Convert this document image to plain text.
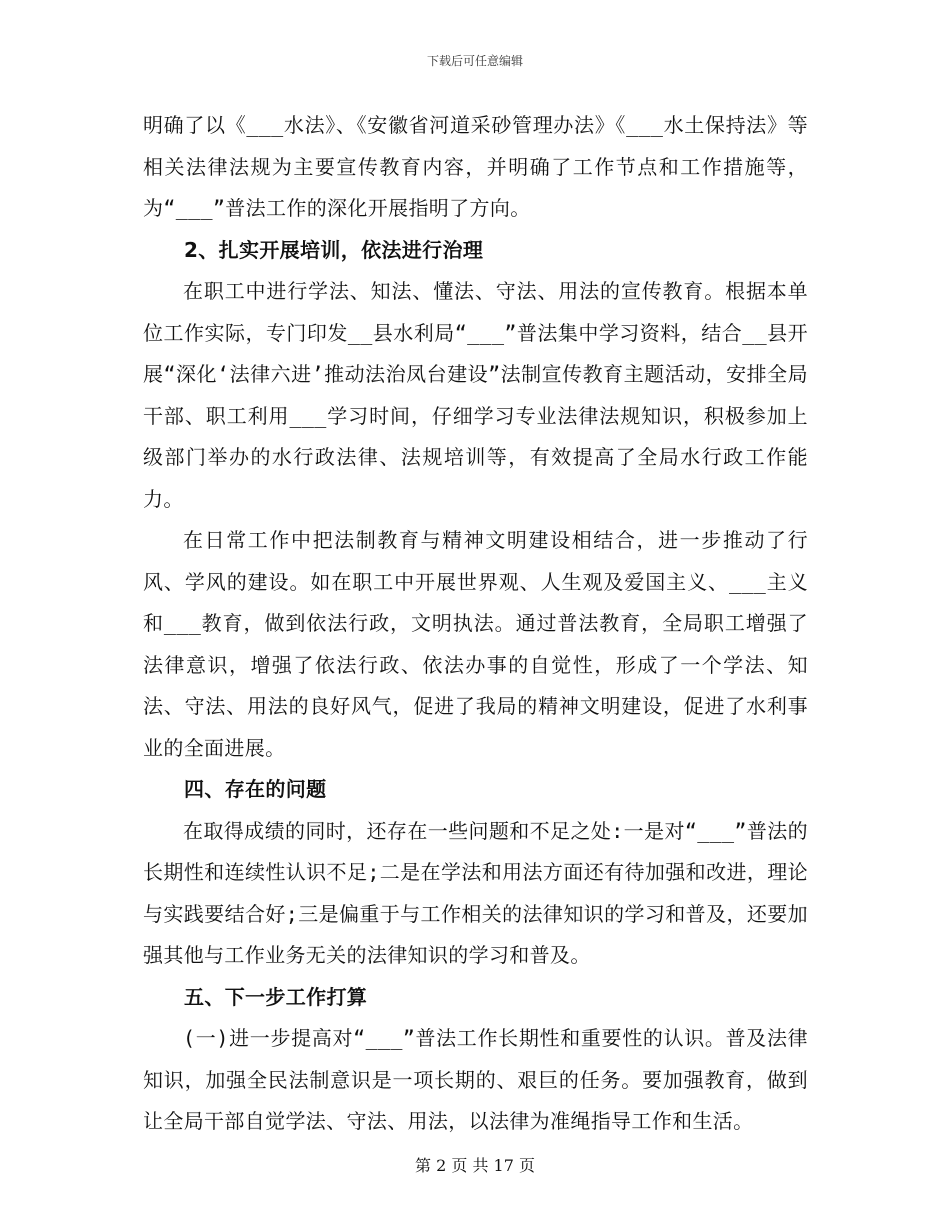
下载后可任意编辑

明确了以《___水法》、《安徽省河道采砂管理办法》《___水土保持法》等相关法律法规为主要宣传教育内容，并明确了工作节点和工作措施等，为“___”普法工作的深化开展指明了方向。

2、扎实开展培训，依法进行治理

在职工中进行学法、知法、懂法、守法、用法的宣传教育。根据本单位工作实际，专门印发__县水利局“___”普法集中学习资料，结合__县开展“深化‘法律六进’推动法治凤台建设”法制宣传教育主题活动，安排全局干部、职工利用___学习时间，仔细学习专业法律法规知识，积极参加上级部门举办的水行政法律、法规培训等，有效提高了全局水行政工作能力。

在日常工作中把法制教育与精神文明建设相结合，进一步推动了行风、学风的建设。如在职工中开展世界观、人生观及爱国主义、___主义和___教育，做到依法行政，文明执法。通过普法教育，全局职工增强了法律意识，增强了依法行政、依法办事的自觉性，形成了一个学法、知法、守法、用法的良好风气，促进了我局的精神文明建设，促进了水利事业的全面进展。

四、存在的问题

在取得成绩的同时，还存在一些问题和不足之处:一是对“___”普法的长期性和连续性认识不足;二是在学法和用法方面还有待加强和改进，理论与实践要结合好;三是偏重于与工作相关的法律知识的学习和普及，还要加强其他与工作业务无关的法律知识的学习和普及。

五、下一步工作打算

(一)进一步提高对“___”普法工作长期性和重要性的认识。普及法律知识，加强全民法制意识是一项长期的、艰巨的任务。要加强教育，做到让全局干部自觉学法、守法、用法，以法律为准绳指导工作和生活。

第 2 页 共 17 页
